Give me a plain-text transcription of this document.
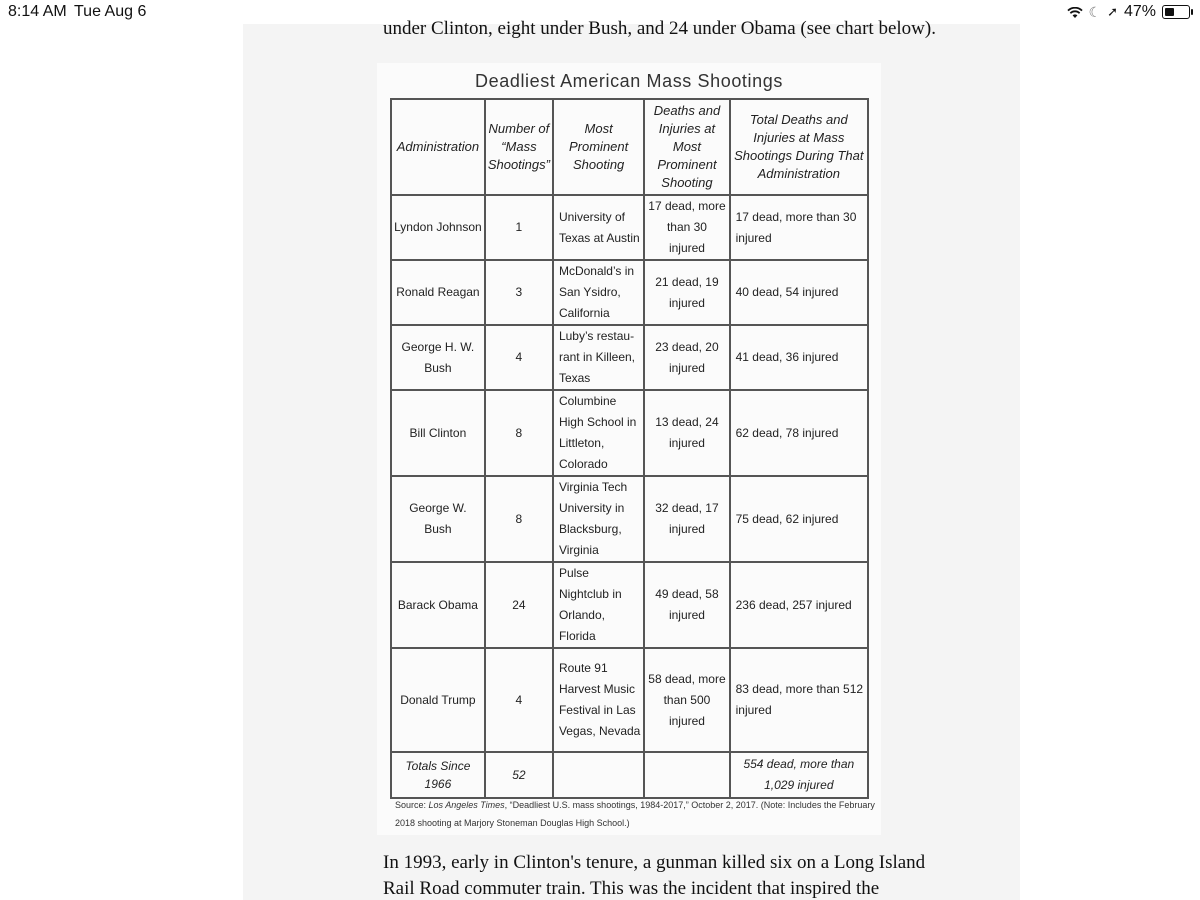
8:14 AM Tue Aug 6	☾ ➚ 47%
under Clinton, eight under Bush, and 24 under Obama (see chart below).
Deadliest American Mass Shootings
Administration	Number of “Mass Shootings”	Most Prominent Shooting	Deaths and Injuries at Most Prominent Shooting	Total Deaths and Injuries at Mass Shootings During That Administration
Lyndon Johnson	1	University of Texas at Austin	17 dead, more than 30 injured	17 dead, more than 30 injured
Ronald Reagan	3	McDonald’s in San Ysidro, California	21 dead, 19 injured	40 dead, 54 injured
George H. W. Bush	4	Luby’s restau-rant in Killeen, Texas	23 dead, 20 injured	41 dead, 36 injured
Bill Clinton	8	Columbine High School in Littleton, Colorado	13 dead, 24 injured	62 dead, 78 injured
George W. Bush	8	Virginia Tech University in Blacksburg, Virginia	32 dead, 17 injured	75 dead, 62 injured
Barack Obama	24	Pulse Nightclub in Orlando, Florida	49 dead, 58 injured	236 dead, 257 injured
Donald Trump	4	Route 91 Harvest Music Festival in Las Vegas, Nevada	58 dead, more than 500 injured	83 dead, more than 512 injured
Totals Since 1966	52			554 dead, more than 1,029 injured
Source: Los Angeles Times, “Deadliest U.S. mass shootings, 1984-2017,” October 2, 2017. (Note: Includes the February 2018 shooting at Marjory Stoneman Douglas High School.)
In 1993, early in Clinton's tenure, a gunman killed six on a Long Island
Rail Road commuter train. This was the incident that inspired the
